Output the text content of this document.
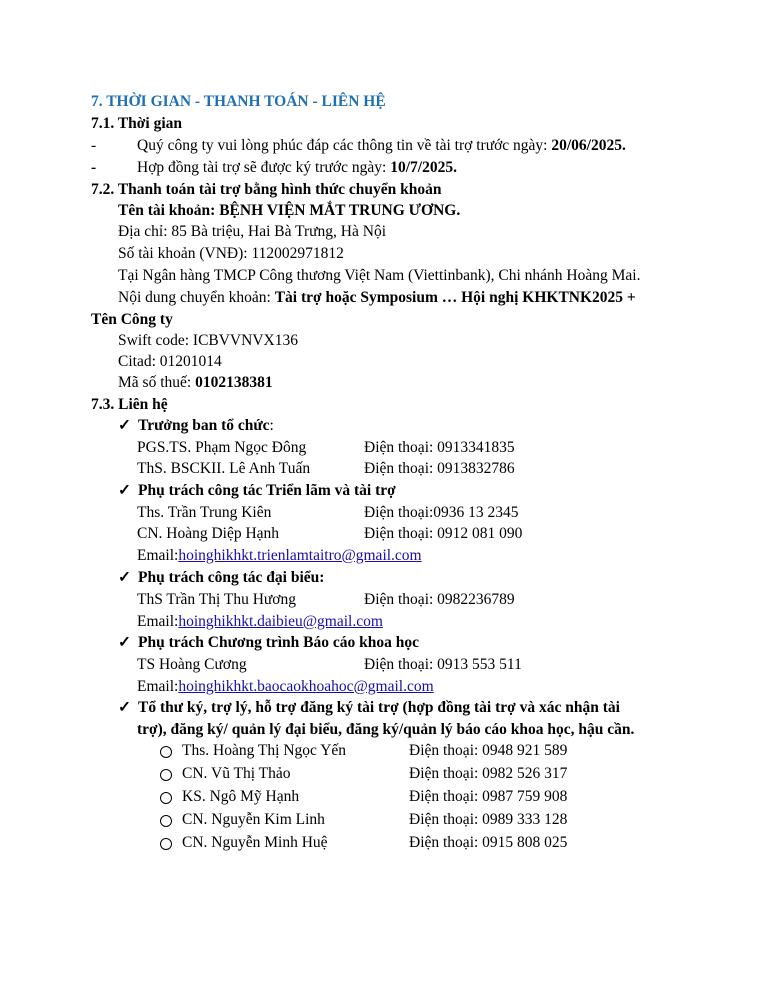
7. THỜI GIAN - THANH TOÁN - LIÊN HỆ
7.1. Thời gian
-	Quý công ty vui lòng phúc đáp các thông tin về tài trợ trước ngày: 20/06/2025.
-	Hợp đồng tài trợ sẽ được ký trước ngày: 10/7/2025.
7.2. Thanh toán tài trợ bằng hình thức chuyển khoản
Tên tài khoản: BỆNH VIỆN MẮT TRUNG ƯƠNG.
Địa chỉ: 85 Bà triệu, Hai Bà Trưng, Hà Nội
Số tài khoản (VNĐ): 112002971812
Tại Ngân hàng TMCP Công thương Việt Nam (Viettinbank), Chi nhánh Hoàng Mai.
Nội dung chuyển khoản: Tài trợ hoặc Symposium … Hội nghị KHKTNK2025 +
Tên Công ty
Swift code: ICBVVNVX136
Citad: 01201014
Mã số thuế: 0102138381
7.3. Liên hệ
✓ Trưởng ban tổ chức:
PGS.TS. Phạm Ngọc Đông	Điện thoại: 0913341835
ThS. BSCKII. Lê Anh Tuấn	Điện thoại: 0913832786
✓ Phụ trách công tác Triển lãm và tài trợ
Ths. Trần Trung Kiên	Điện thoại:0936 13 2345
CN. Hoàng Diệp Hạnh	Điện thoại: 0912 081 090
Email:hoinghikhkt.trienlamtaitro@gmail.com
✓ Phụ trách công tác đại biểu:
ThS Trần Thị Thu Hương	Điện thoại: 0982236789
Email:hoinghikhkt.daibieu@gmail.com
✓ Phụ trách Chương trình Báo cáo khoa học
TS Hoàng Cương	Điện thoại: 0913 553 511
Email:hoinghikhkt.baocaokhoahoc@gmail.com
✓ Tổ thư ký, trợ lý, hỗ trợ đăng ký tài trợ (hợp đồng tài trợ và xác nhận tài
trợ), đăng ký/ quản lý đại biểu, đăng ký/quản lý báo cáo khoa học, hậu cần.
Ths. Hoàng Thị Ngọc Yến	Điện thoại: 0948 921 589
CN. Vũ Thị Thảo	Điện thoại: 0982 526 317
KS. Ngô Mỹ Hạnh	Điện thoại: 0987 759 908
CN. Nguyễn Kim Linh	Điện thoại: 0989 333 128
CN. Nguyễn Minh Huệ	Điện thoại: 0915 808 025
